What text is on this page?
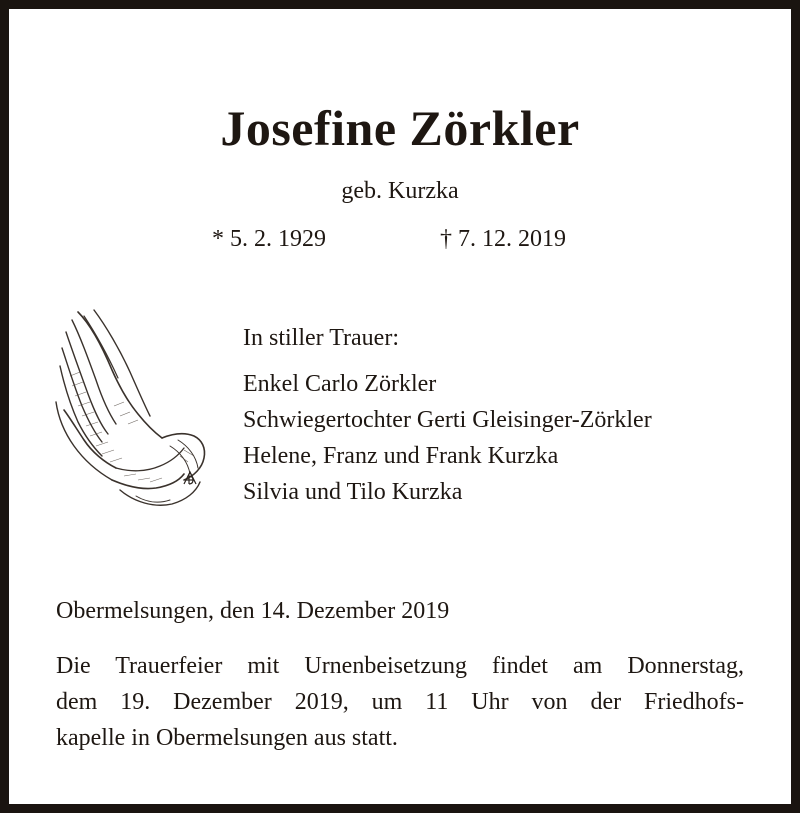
Josefine Zörkler
geb. Kurzka
* 5. 2. 1929	† 7. 12. 2019
In stiller Trauer:
Enkel Carlo Zörkler
Schwiegertochter Gerti Gleisinger-Zörkler
Helene, Franz und Frank Kurzka
Silvia und Tilo Kurzka
Obermelsungen, den 14. Dezember 2019
Die Trauerfeier mit Urnenbeisetzung findet am Donnerstag,
dem 19. Dezember 2019, um 11 Uhr von der Friedhofs-
kapelle in Obermelsungen aus statt.
